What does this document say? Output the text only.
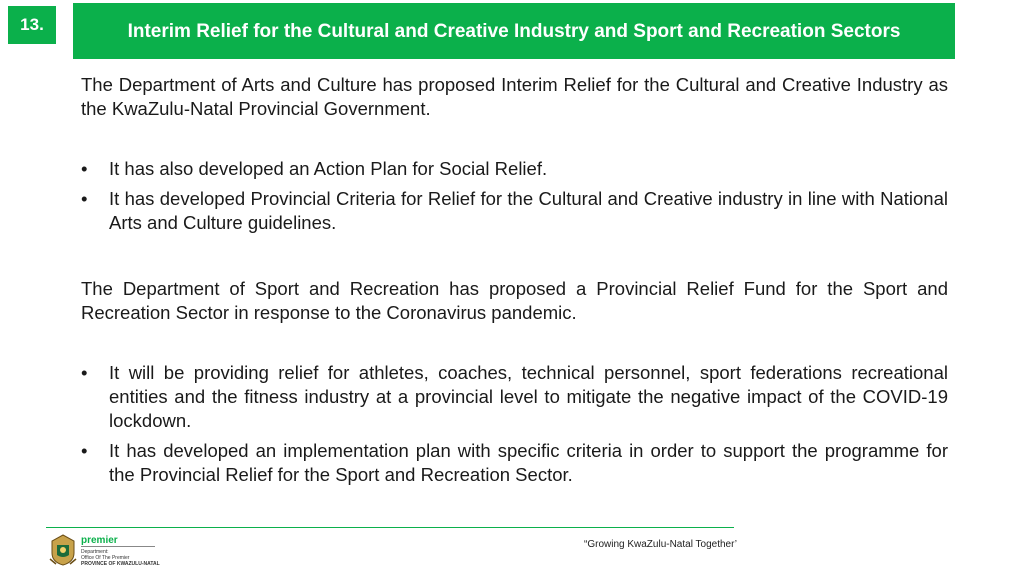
13.	Interim Relief for the Cultural and Creative Industry and Sport and Recreation Sectors

The Department of Arts and Culture has proposed Interim Relief for the Cultural and Creative Industry as the KwaZulu-Natal Provincial Government.

• It has also developed an Action Plan for Social Relief.
• It has developed Provincial Criteria for Relief for the Cultural and Creative industry in line with National Arts and Culture guidelines.

The Department of Sport and Recreation has proposed a Provincial Relief Fund for the Sport and Recreation Sector in response to the Coronavirus pandemic.

• It will be providing relief for athletes, coaches, technical personnel, sport federations recreational entities and the fitness industry at a provincial level to mitigate the negative impact of the COVID-19 lockdown.
• It has developed an implementation plan with specific criteria in order to support the programme for the Provincial Relief for the Sport and Recreation Sector.
premier
Department:
Office Of The Premier
PROVINCE OF KWAZULU-NATAL
“Growing KwaZulu-Natal Together’
